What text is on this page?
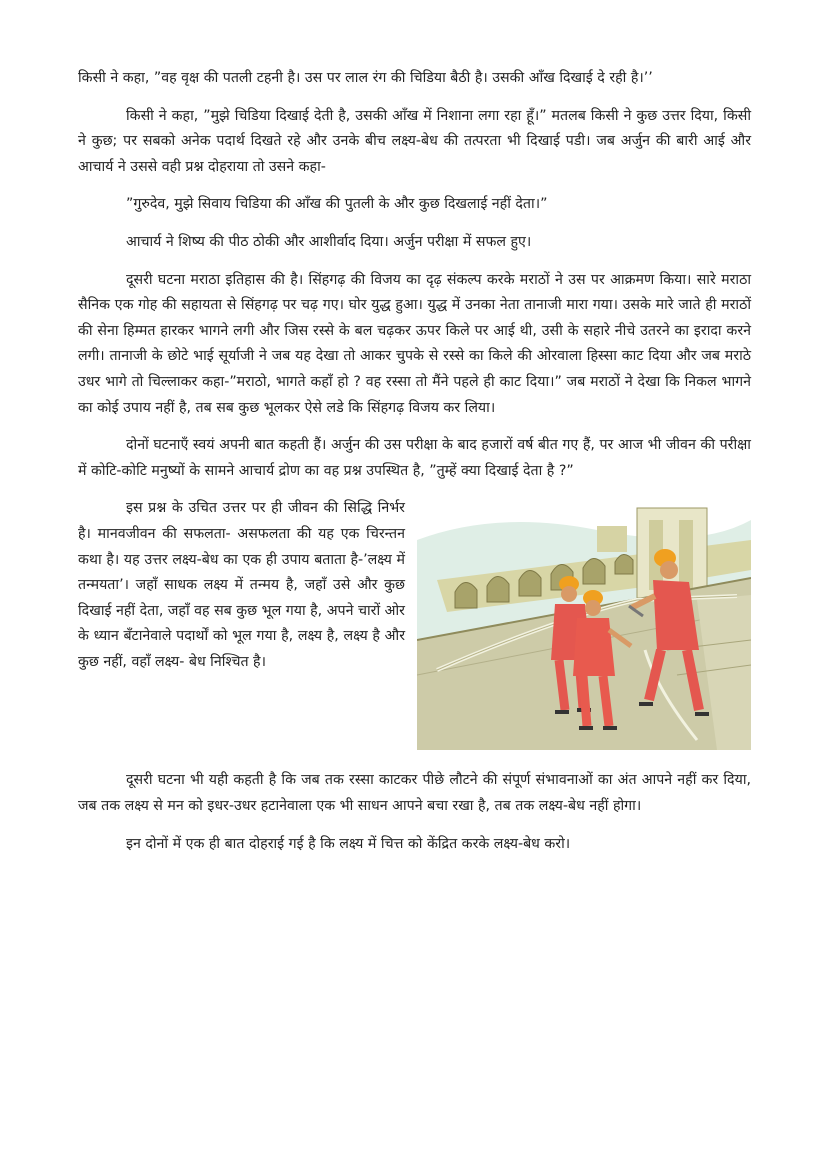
किसी ने कहा, ”वह वृक्ष की पतली टहनी है। उस पर लाल रंग की चिडिया बैठी है। उसकी आँख दिखाई दे रही है।’’

किसी ने कहा, ”मुझे चिडिया दिखाई देती है, उसकी आँख में निशाना लगा रहा हूँ।” मतलब किसी ने कुछ उत्तर दिया, किसी ने कुछ; पर सबको अनेक पदार्थ दिखते रहे और उनके बीच लक्ष्य-बेध की तत्परता भी दिखाई पडी। जब अर्जुन की बारी आई और आचार्य ने उससे वही प्रश्न दोहराया तो उसने कहा-

”गुरुदेव, मुझे सिवाय चिडिया की आँख की पुतली के और कुछ दिखलाई नहीं देता।”

आचार्य ने शिष्य की पीठ ठोकी और आशीर्वाद दिया। अर्जुन परीक्षा में सफल हुए।

दूसरी घटना मराठा इतिहास की है। सिंहगढ़ की विजय का दृढ़ संकल्प करके मराठों ने उस पर आक्रमण किया। सारे मराठा सैनिक एक गोह की सहायता से सिंहगढ़ पर चढ़ गए। घोर युद्ध हुआ। युद्ध में उनका नेता तानाजी मारा गया। उसके मारे जाते ही मराठों की सेना हिम्मत हारकर भागने लगी और जिस रस्से के बल चढ़कर ऊपर किले पर आई थी, उसी के सहारे नीचे उतरने का इरादा करने लगी। तानाजी के छोटे भाई सूर्याजी ने जब यह देखा तो आकर चुपके से रस्से का किले की ओरवाला हिस्सा काट दिया और जब मराठे उधर भागे तो चिल्लाकर कहा-”मराठो, भागते कहाँ हो ? वह रस्सा तो मैंने पहले ही काट दिया।” जब मराठों ने देखा कि निकल भागने का कोई उपाय नहीं है, तब सब कुछ भूलकर ऐसे लडे कि सिंहगढ़ विजय कर लिया।

दोनों घटनाएँ स्वयं अपनी बात कहती हैं। अर्जुन की उस परीक्षा के बाद हजारों वर्ष बीत गए हैं, पर आज भी जीवन की परीक्षा में कोटि-कोटि मनुष्यों के सामने आचार्य द्रोण का वह प्रश्न उपस्थित है, ”तुम्हें क्या दिखाई देता है ?”

इस प्रश्न के उचित उत्तर पर ही जीवन की सिद्धि निर्भर है। मानवजीवन की सफलता- असफलता की यह एक चिरन्तन कथा है। यह उत्तर लक्ष्य-बेध का एक ही उपाय बताता है-’लक्ष्य में तन्मयता’। जहाँ साधक लक्ष्य में तन्मय है, जहाँ उसे और कुछ दिखाई नहीं देता, जहाँ वह सब कुछ भूल गया है, अपने चारों ओर के ध्यान बँटानेवाले पदार्थों को भूल गया है, लक्ष्य है, लक्ष्य है और कुछ नहीं, वहाँ लक्ष्य- बेध निश्चित है।

दूसरी घटना भी यही कहती है कि जब तक रस्सा काटकर पीछे लौटने की संपूर्ण संभावनाओं का अंत आपने नहीं कर दिया, जब तक लक्ष्य से मन को इधर-उधर हटानेवाला एक भी साधन आपने बचा रखा है, तब तक लक्ष्य-बेध नहीं होगा।

इन दोनों में एक ही बात दोहराई गई है कि लक्ष्य में चित्त को केंद्रित करके लक्ष्य-बेध करो।
